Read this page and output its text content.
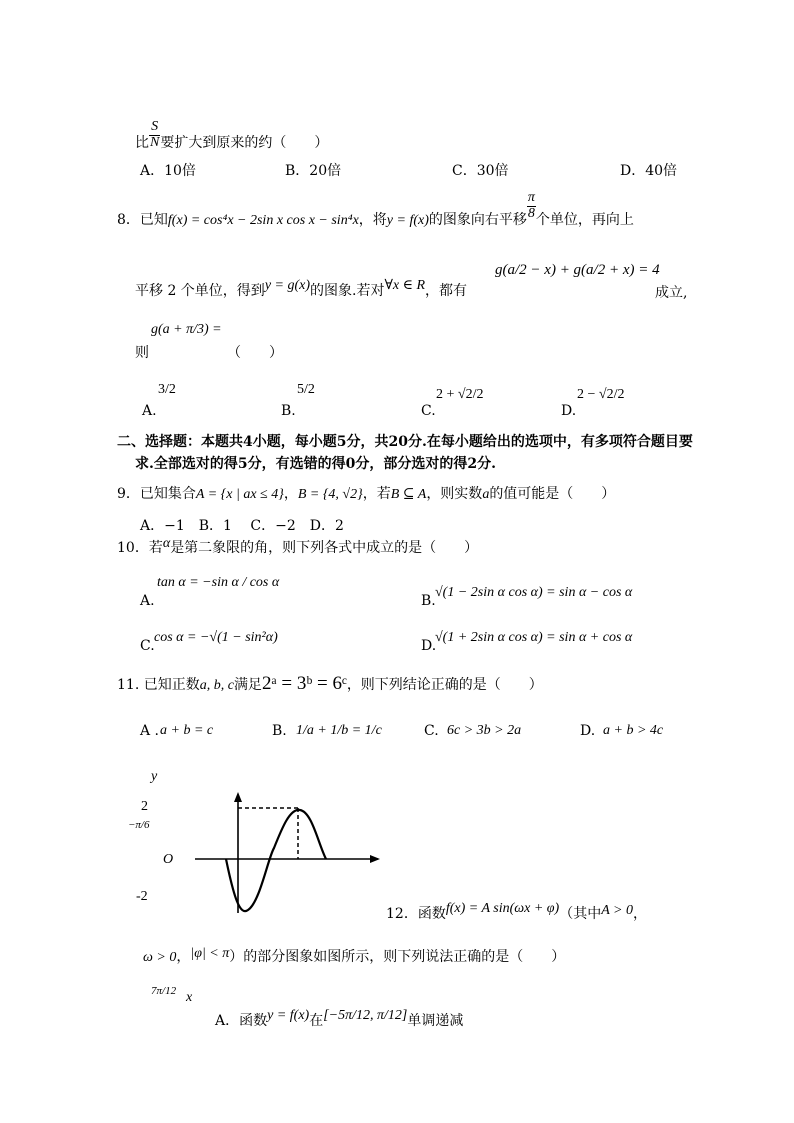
比 $\frac{S}{N}$ 要扩大到原来的约（　　）
A．10倍	B．20倍	C．30倍	D．40倍
8．已知f(x) = cos⁴x − 2sin x cos x − sin⁴x，将y = f(x)的图象向右平移 $\frac{\pi}{8}$ 个单位，再向上
平移 2 个单位，得到y = g(x)的图象.若对∀x ∈ R，都有
g(a/2 − x) + g(a/2 + x) = 4
成立,
g(a + π/3) =
则	（　　）
A.
3/2
B.
5/2
C.
2 + √2/2
D.
2 − √2/2
二、选择题：本题共4小题，每小题5分，共20分.在每小题给出的选项中，有多项符合题目要
求.全部选对的得5分，有选错的得0分，部分选对的得2分.
9．已知集合A = {x | ax ≤ 4}，B = {4, √2}，若B ⊆ A，则实数a的值可能是（　　）
A．−1　B．1　 C．−2　D．2
10．若α是第二象限的角，则下列各式中成立的是（　　）
A.
tan α = −sin α / cos α
B.
√(1 − 2sin α cos α) = sin α − cos α
C.
cos α = −√(1 − sin²α)
D.
√(1 + 2sin α cos α) = sin α + cos α
11. 已知正数a, b, c满足2ᵃ = 3ᵇ = 6ᶜ，则下列结论正确的是（　　）
A . a + b = c	B. 1/a + 1/b = 1/c	C. 6c > 3b > 2a	D. a + b > 4c
y
2
−π/6
O
-2
12．函数f(x) = A sin(ωx + φ)（其中A > 0，
ω > 0，|φ| < π）的部分图象如图所示，则下列说法正确的是（　　）
7π/12 x
A．函数y = f(x)在[−5π/12, π/12]单调递减
